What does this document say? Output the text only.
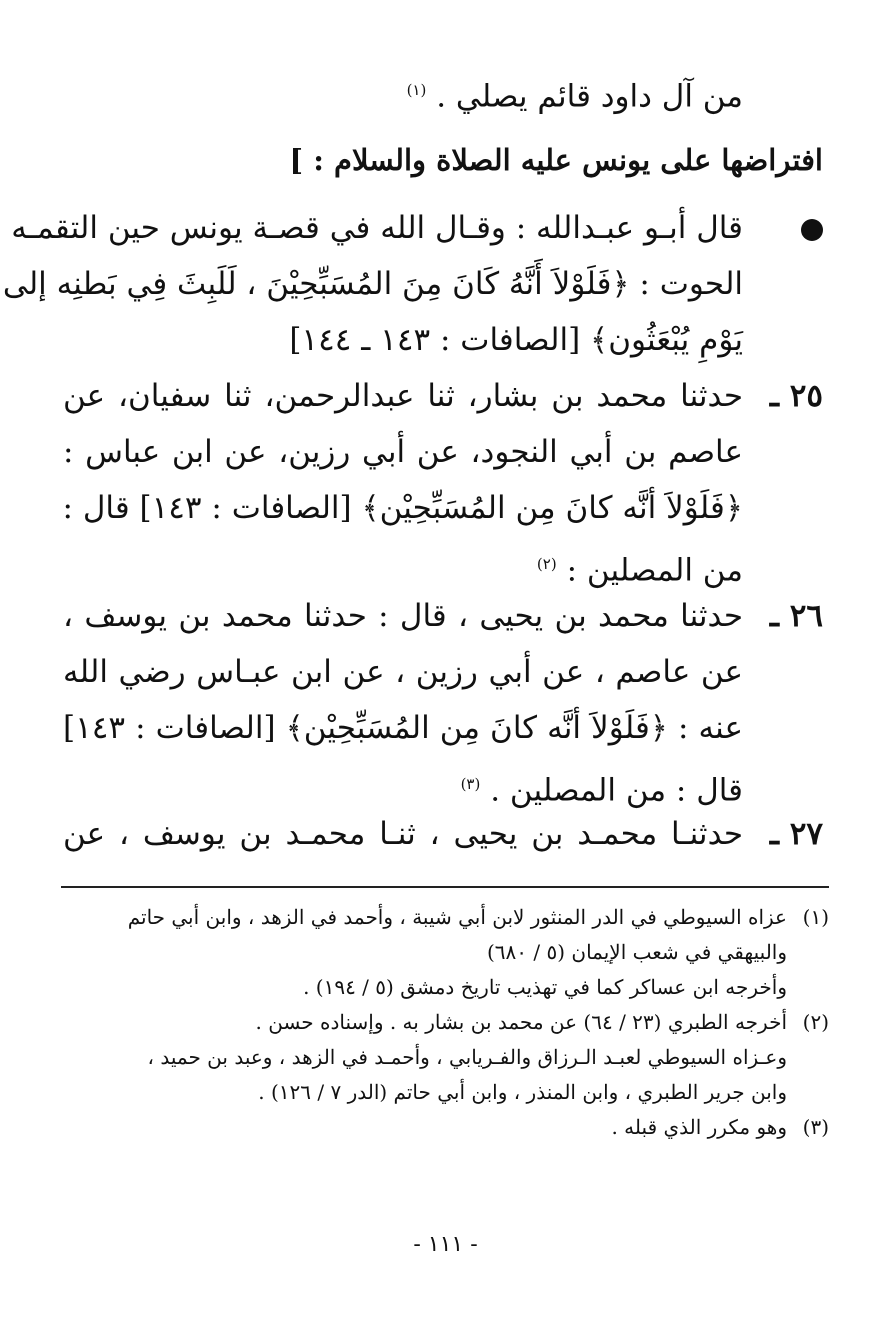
من آل داود قائم يصلي . $^{(١)}$
افتراضها على يونس عليه الصلاة والسلام : ]
قال أبـو عبـدالله : وقـال الله في قصـة يونس حين التقمـه
الحوت : ﴿فَلَوْلاَ أَنَّهُ كَانَ مِنَ المُسَبِّحِيْنَ ، لَلَبِثَ فِي بَطنِه إلى
يَوْمِ يُبْعَثُون﴾ [الصافات : ١٤٣ ـ ١٤٤]
٢٥ ـ
حدثنا محمد بن بشار، ثنا عبدالرحمن، ثنا سفيان، عن
عاصم بن أبي النجود، عن أبي رزين، عن ابن عباس :
﴿فَلَوْلاَ أنَّه كانَ مِن المُسَبِّحِيْن﴾ [الصافات : ١٤٣] قال :
من المصلين : $^{(٢)}$
٢٦ ـ
حدثنا محمد بن يحيى ، قال : حدثنا محمد بن يوسف ،
عن عاصم ، عن أبي رزين ، عن ابن عبـاس رضي الله
عنه : ﴿فَلَوْلاَ أنَّه كانَ مِن المُسَبِّحِيْن﴾ [الصافات : ١٤٣]
قال : من المصلين . $^{(٣)}$
٢٧ ـ
حدثنـا محمـد بن يحيى ، ثنـا محمـد بن يوسف ، عن
(١)عزاه السيوطي في الدر المنثور لابن أبي شيبة ، وأحمد في الزهد ، وابن أبي حاتم
والبيهقي في شعب الإيمان (٥ / ٦٨٠)
وأخرجه ابن عساكر كما في تهذيب تاريخ دمشق (٥ / ١٩٤) .
(٢)أخرجه الطبري (٢٣ / ٦٤) عن محمد بن بشار به . وإسناده حسن .
وعـزاه السيوطي لعبـد الـرزاق والفـريابي ، وأحمـد في الزهد ، وعبد بن حميد ،
وابن جرير الطبري ، وابن المنذر ، وابن أبي حاتم (الدر ٧ / ١٢٦) .
(٣)وهو مكرر الذي قبله .
- ١١١ -
